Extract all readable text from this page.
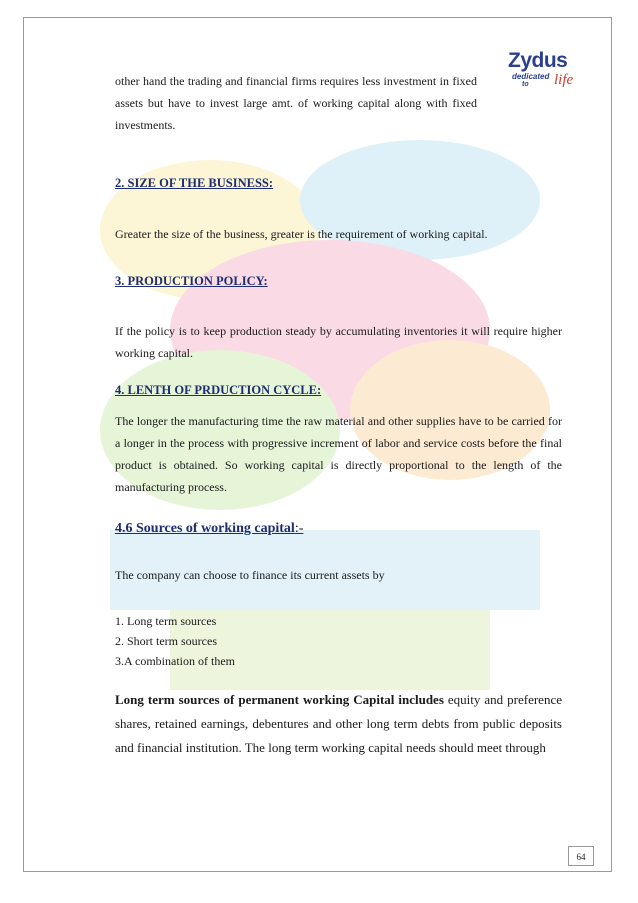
Zydus
dedicated
to	life

other hand the trading and financial firms requires less investment in fixed assets but have to invest large amt. of working capital along with fixed investments.

2. SIZE OF THE BUSINESS:

Greater the size of the business, greater is the requirement of working capital.

3. PRODUCTION POLICY:

If the policy is to keep production steady by accumulating inventories it will require higher working capital.

4. LENTH OF PRDUCTION CYCLE:

The longer the manufacturing time the raw material and other supplies have to be carried for a longer in the process with progressive increment of labor and service costs before the final product is obtained. So working capital is directly proportional to the length of the manufacturing process.

4.6 Sources of working capital:-

The company can choose to finance its current assets by

1. Long term sources
2. Short term sources
3.A combination of them

Long term sources of permanent working Capital includes equity and preference shares, retained earnings, debentures and other long term debts from public deposits and financial institution. The long term working capital needs should meet through

64
